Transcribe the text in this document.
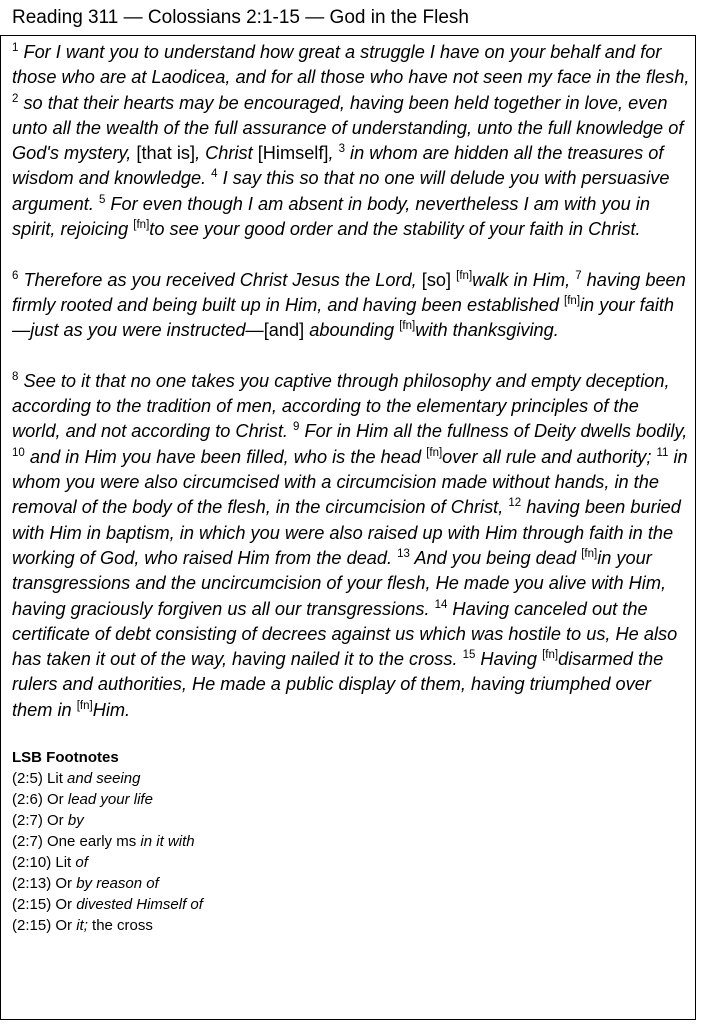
Reading 311 — Colossians 2:1-15 — God in the Flesh

$^1$ For I want you to understand how great a struggle I have on your behalf and for those who are at Laodicea, and for all those who have not seen my face in the flesh, $^2$ so that their hearts may be encouraged, having been held together in love, even unto all the wealth of the full assurance of understanding, unto the full knowledge of God's mystery, [that is], Christ [Himself], $^3$ in whom are hidden all the treasures of wisdom and knowledge. $^4$ I say this so that no one will delude you with persuasive argument. $^5$ For even though I am absent in body, nevertheless I am with you in spirit, rejoicing [fn]to see your good order and the stability of your faith in Christ.

$^6$ Therefore as you received Christ Jesus the Lord, [so] [fn]walk in Him, $^7$ having been firmly rooted and being built up in Him, and having been established [fn]in your faith—just as you were instructed—[and] abounding [fn]with thanksgiving.

$^8$ See to it that no one takes you captive through philosophy and empty deception, according to the tradition of men, according to the elementary principles of the world, and not according to Christ. $^9$ For in Him all the fullness of Deity dwells bodily, $^{10}$ and in Him you have been filled, who is the head [fn]over all rule and authority; $^{11}$ in whom you were also circumcised with a circumcision made without hands, in the removal of the body of the flesh, in the circumcision of Christ, $^{12}$ having been buried with Him in baptism, in which you were also raised up with Him through faith in the working of God, who raised Him from the dead. $^{13}$ And you being dead [fn]in your transgressions and the uncircumcision of your flesh, He made you alive with Him, having graciously forgiven us all our transgressions. $^{14}$ Having canceled out the certificate of debt consisting of decrees against us which was hostile to us, He also has taken it out of the way, having nailed it to the cross. $^{15}$ Having [fn]disarmed the rulers and authorities, He made a public display of them, having triumphed over them in [fn]Him.

LSB Footnotes
(2:5) Lit and seeing
(2:6) Or lead your life
(2:7) Or by
(2:7) One early ms in it with
(2:10) Lit of
(2:13) Or by reason of
(2:15) Or divested Himself of
(2:15) Or it; the cross
